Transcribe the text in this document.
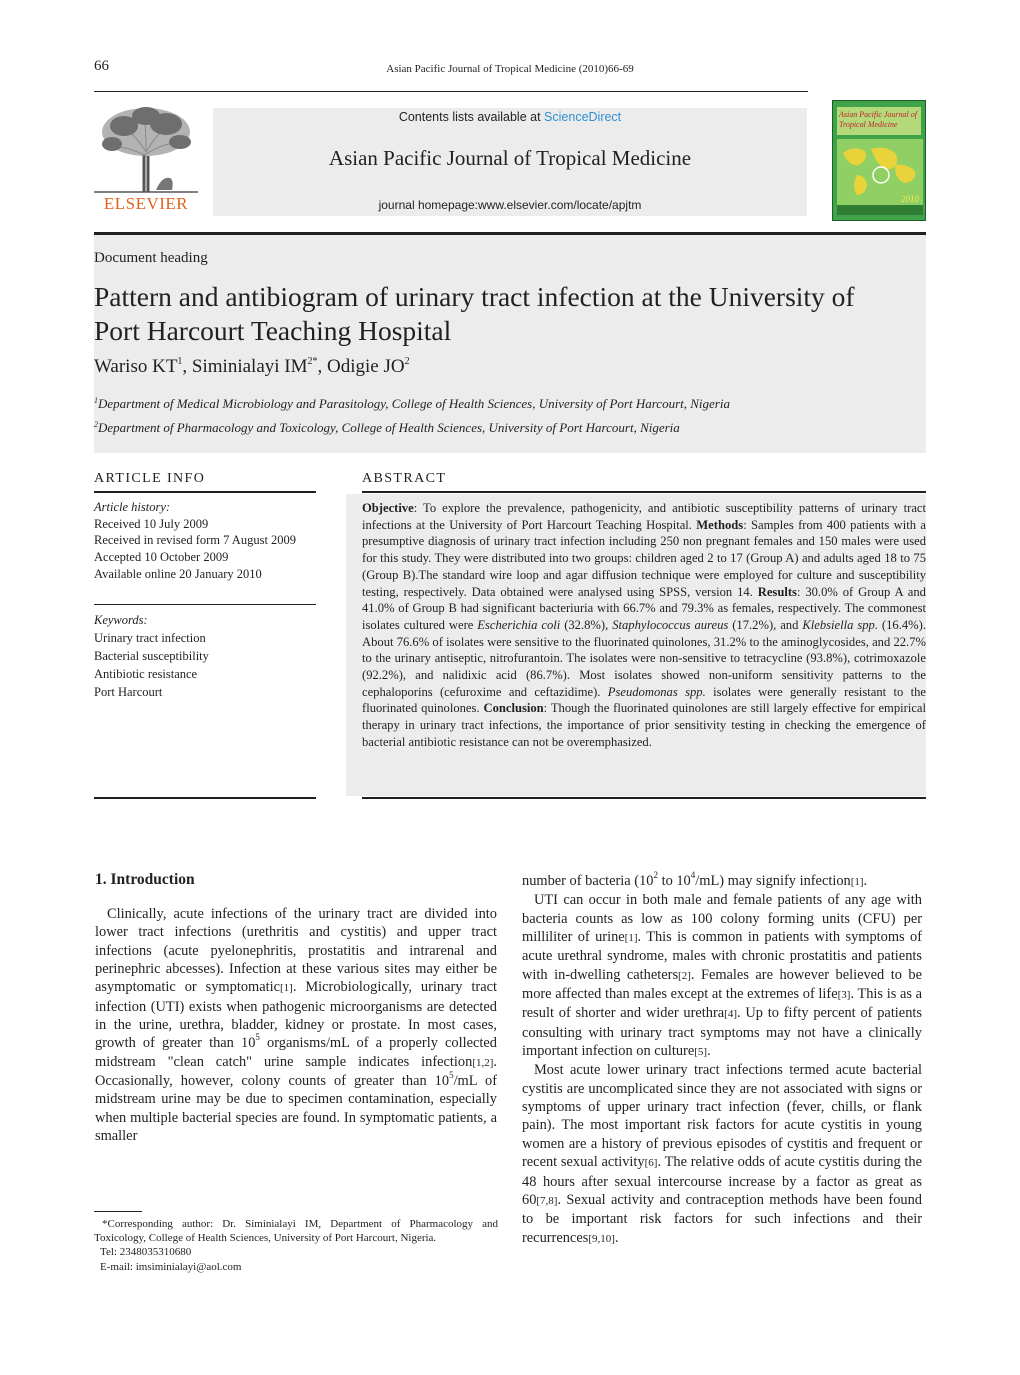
66	Asian Pacific Journal of Tropical Medicine (2010)66-69
ELSEVIER
Contents lists available at ScienceDirect
Asian Pacific Journal of Tropical Medicine
journal homepage:www.elsevier.com/locate/apjtm
Asian Pacific Journal of Tropical Medicine
2010
Document heading
Pattern and antibiogram of urinary tract infection at the University of
Port Harcourt Teaching Hospital
Wariso $KT^1$, Siminialayi $IM^{2*}$, Odigie $JO^2$
$^1$Department of Medical Microbiology and Parasitology, College of Health Sciences, University of Port Harcourt, Nigeria
$^2$Department of Pharmacology and Toxicology, College of Health Sciences, University of Port Harcourt, Nigeria
ARTICLE INFO
Article history:
Received 10 July 2009
Received in revised form 7 August 2009
Accepted 10 October 2009
Available online 20 January 2010
Keywords:
Urinary tract infection
Bacterial susceptibility
Antibiotic resistance
Port Harcourt
ABSTRACT
Objective: To explore the prevalence, pathogenicity, and antibiotic susceptibility patterns of urinary tract infections at the University of Port Harcourt Teaching Hospital. Methods: Samples from 400 patients with a presumptive diagnosis of urinary tract infection including 250 non pregnant females and 150 males were used for this study. They were distributed into two groups: children aged 2 to 17 (Group A) and adults aged 18 to 75 (Group B).The standard wire loop and agar diffusion technique were employed for culture and susceptibility testing, respectively. Data obtained were analysed using SPSS, version 14. Results: 30.0% of Group A and 41.0% of Group B had significant bacteriuria with 66.7% and 79.3% as females, respectively. The commonest isolates cultured were Escherichia coli (32.8%), Staphylococcus aureus (17.2%), and Klebsiella spp. (16.4%). About 76.6% of isolates were sensitive to the fluorinated quinolones, 31.2% to the aminoglycosides, and 22.7% to the urinary antiseptic, nitrofurantoin. The isolates were non-sensitive to tetracycline (93.8%), cotrimoxazole (92.2%), and nalidixic acid (86.7%). Most isolates showed non-uniform sensitivity patterns to the cephaloporins (cefuroxime and ceftazidime). Pseudomonas spp. isolates were generally resistant to the fluorinated quinolones. Conclusion: Though the fluorinated quinolones are still largely effective for empirical therapy in urinary tract infections, the importance of prior sensitivity testing in checking the emergence of bacterial antibiotic resistance can not be overemphasized.
1. Introduction

Clinically, acute infections of the urinary tract are divided into lower tract infections (urethritis and cystitis) and upper tract infections (acute pyelonephritis, prostatitis and intrarenal and perinephric abcesses). Infection at these various sites may either be asymptomatic or symptomatic[1]. Microbiologically, urinary tract infection (UTI) exists when pathogenic microorganisms are detected in the urine, urethra, bladder, kidney or prostate. In most cases, growth of greater than $10^5$ organisms/mL of a properly collected midstream "clean catch" urine sample indicates infection[1,2]. Occasionally, however, colony counts of greater than $10^5/mL$ of midstream urine may be due to specimen contamination, especially when multiple bacterial species are found. In symptomatic patients, a smaller

number of bacteria ($10^2$ to $10^4/mL$) may signify infection[1].

UTI can occur in both male and female patients of any age with bacteria counts as low as 100 colony forming units (CFU) per milliliter of urine[1]. This is common in patients with symptoms of acute urethral syndrome, males with chronic prostatitis and patients with in-dwelling catheters[2]. Females are however believed to be more affected than males except at the extremes of life[3]. This is as a result of shorter and wider urethra[4]. Up to fifty percent of patients consulting with urinary tract symptoms may not have a clinically important infection on culture[5].

Most acute lower urinary tract infections termed acute bacterial cystitis are uncomplicated since they are not associated with signs or symptoms of upper urinary tract infection (fever, chills, or flank pain). The most important risk factors for acute cystitis in young women are a history of previous episodes of cystitis and frequent or recent sexual activity[6]. The relative odds of acute cystitis during the 48 hours after sexual intercourse increase by a factor as great as 60[7,8]. Sexual activity and contraception methods have been found to be important risk factors for such infections and their recurrences[9,10].

*Corresponding author: Dr. Siminialayi IM, Department of Pharmacology and Toxicology, College of Health Sciences, University of Port Harcourt, Nigeria.

Tel: 2348035310680

E-mail: imsiminialayi@aol.com
